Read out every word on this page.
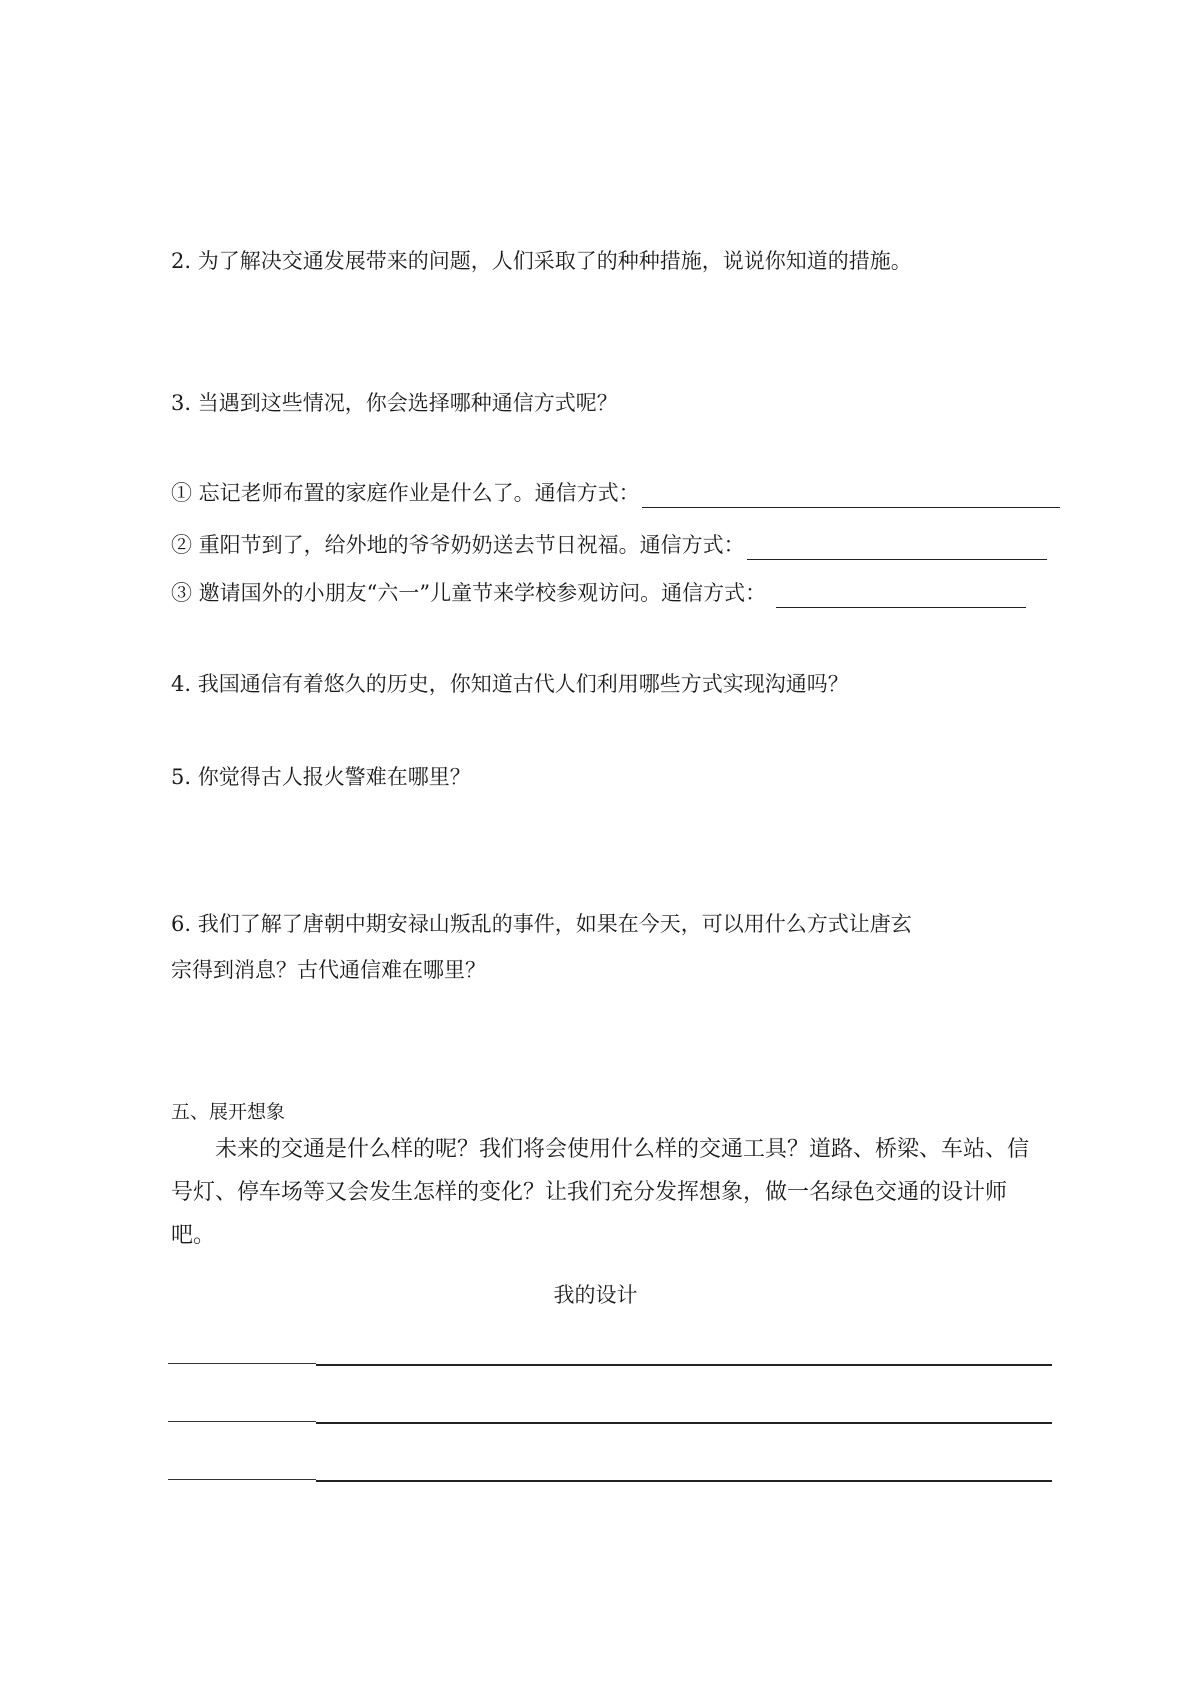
2. 为了解决交通发展带来的问题，人们采取了的种种措施，说说你知道的措施。
3. 当遇到这些情况，你会选择哪种通信方式呢？
① 忘记老师布置的家庭作业是什么了。通信方式：
② 重阳节到了，给外地的爷爷奶奶送去节日祝福。通信方式：
③ 邀请国外的小朋友“六一”儿童节来学校参观访问。通信方式：
4. 我国通信有着悠久的历史，你知道古代人们利用哪些方式实现沟通吗？
5. 你觉得古人报火警难在哪里？
6. 我们了解了唐朝中期安禄山叛乱的事件，如果在今天，可以用什么方式让唐玄
宗得到消息？古代通信难在哪里？
五、展开想象
未来的交通是什么样的呢？我们将会使用什么样的交通工具？道路、桥梁、车站、信号灯、停车场等又会发生怎样的变化？让我们充分发挥想象，做一名绿色交通的设计师吧。
我的设计
